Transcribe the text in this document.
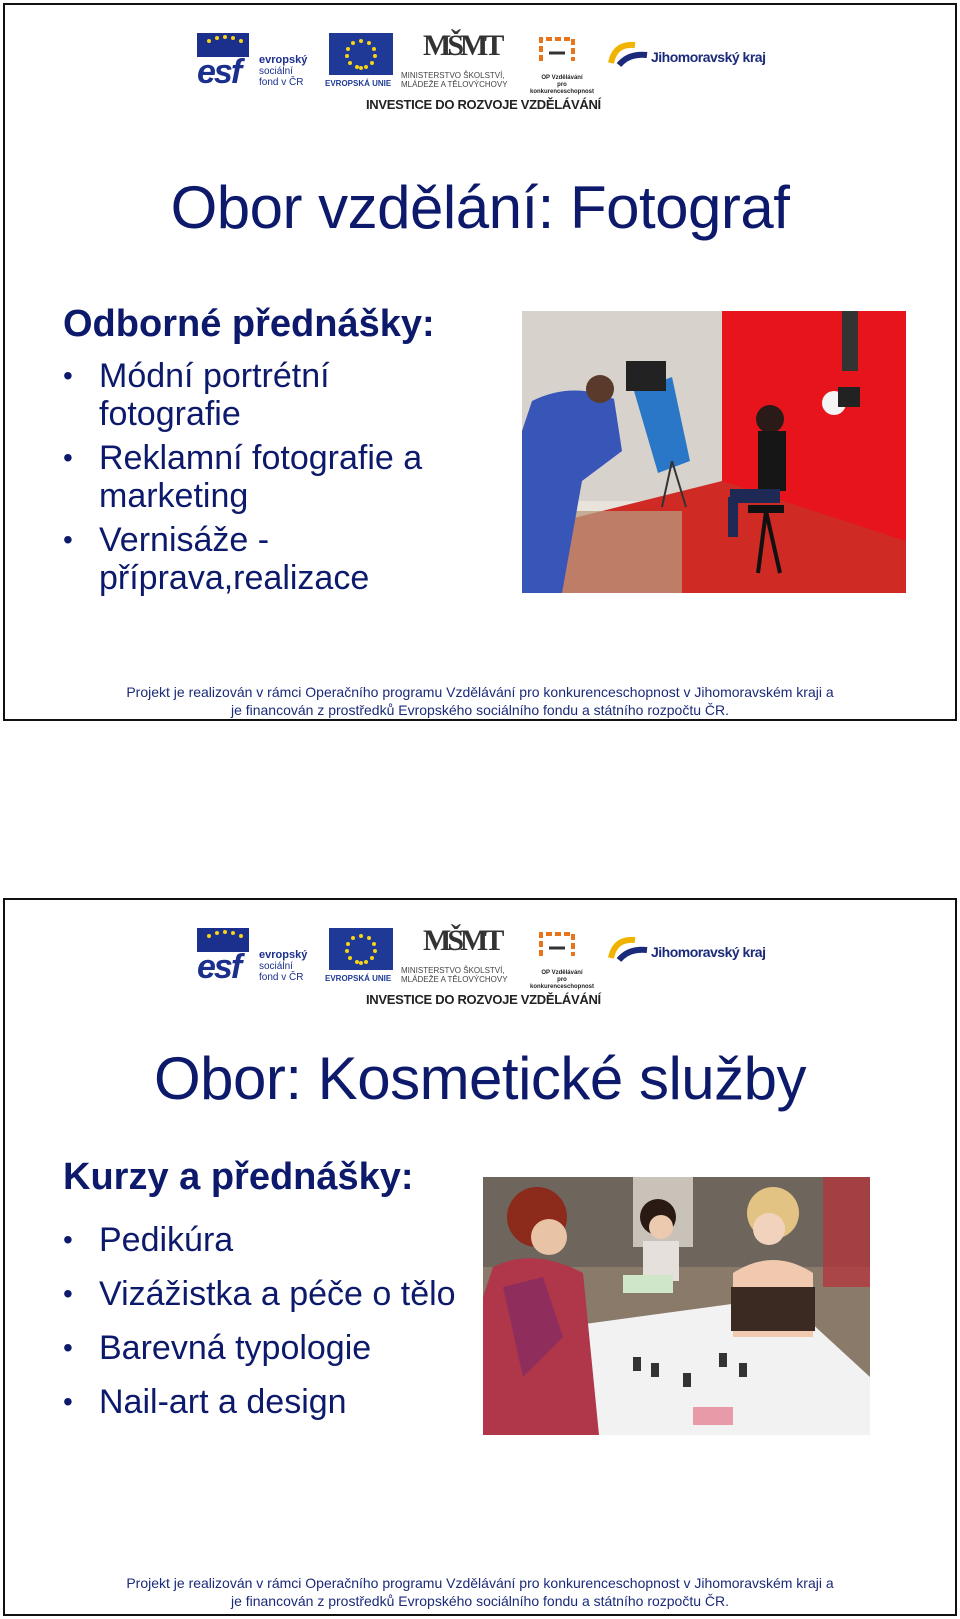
esf evropský
sociální
fond v ČR	EVROPSKÁ UNIE
MŠMT
MINISTERSTVO ŠKOLSTVÍ,
MLÁDEŽE A TĚLOVÝCHOVY
OP Vzdělávání
pro konkurenceschopnost
Jihomoravský kraj
INVESTICE DO ROZVOJE VZDĚLÁVÁNÍ
Obor vzdělání: Fotograf
Odborné přednášky:
• Módní portrétní fotografie
• Reklamní fotografie a marketing
• Vernisáže - příprava,realizace
Projekt je realizován v rámci Operačního programu Vzdělávání pro konkurenceschopnost v Jihomoravském kraji a
je financován z prostředků Evropského sociálního fondu a státního rozpočtu ČR.
esf evropský
sociální
fond v ČR	EVROPSKÁ UNIE
MŠMT
MINISTERSTVO ŠKOLSTVÍ,
MLÁDEŽE A TĚLOVÝCHOVY
OP Vzdělávání
pro konkurenceschopnost
Jihomoravský kraj
INVESTICE DO ROZVOJE VZDĚLÁVÁNÍ
Obor: Kosmetické služby
Kurzy a přednášky:
• Pedikúra
• Vizážistka a péče o tělo
• Barevná typologie
• Nail-art a design
Projekt je realizován v rámci Operačního programu Vzdělávání pro konkurenceschopnost v Jihomoravském kraji a
je financován z prostředků Evropského sociálního fondu a státního rozpočtu ČR.
